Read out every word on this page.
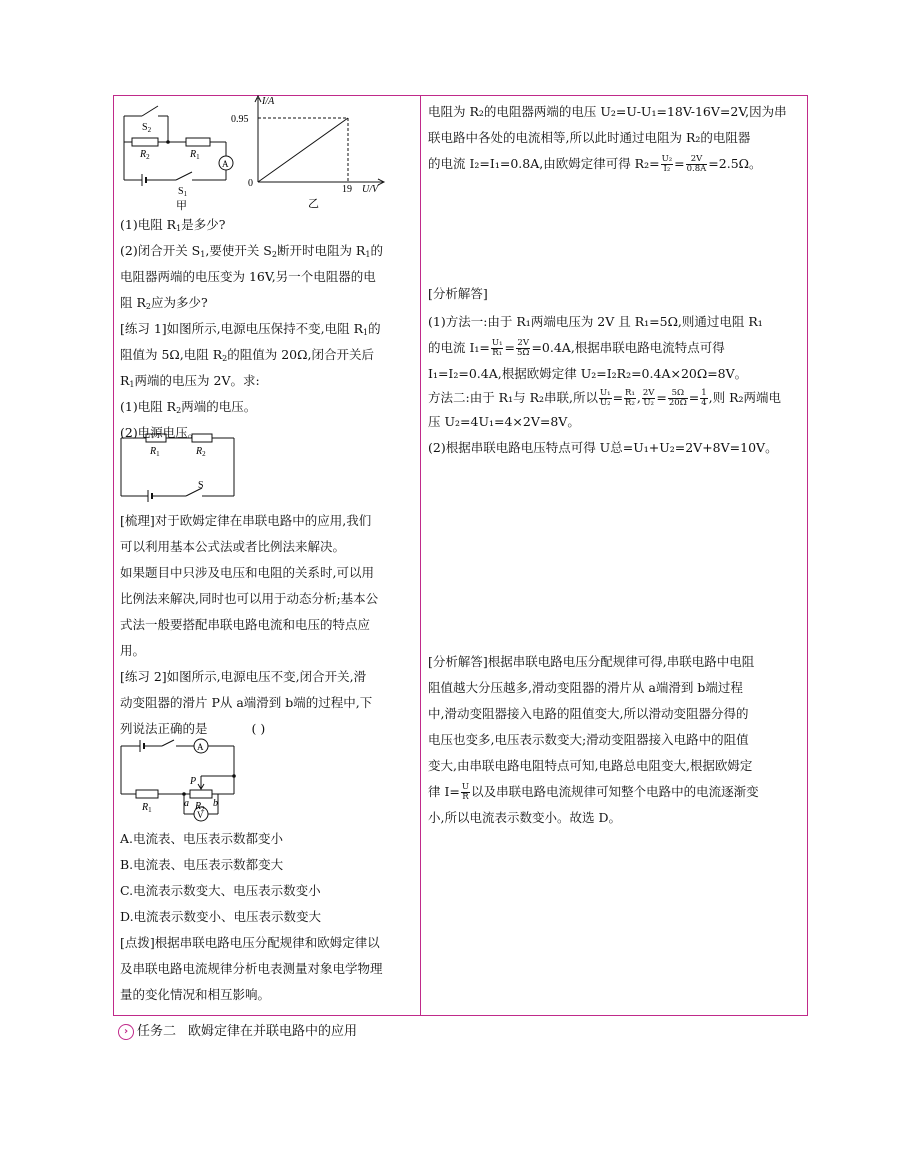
$S_2$
$R_2$	$R_1$
A
$S_1$
甲
I/A
0.95
0
19 U/V
乙

(1)电阻 $R_1$是多少?

(2)闭合开关 $S_1$,要使开关 $S_2$断开时电阻为 $R_1$的

电阻器两端的电压变为 16V,另一个电阻器的电

阻 $R_2$应为多少?

[练习 1]如图所示,电源电压保持不变,电阻 $R_1$的

阻值为 5Ω,电阻 $R_2$的阻值为 20Ω,闭合开关后

$R_1$两端的电压为 2V。求:

(1)电阻 $R_2$两端的电压。

(2)电源电压。

$R_1$	$R_2$
S

[梳理]对于欧姆定律在串联电路中的应用,我们

可以利用基本公式法或者比例法来解决。

如果题目中只涉及电压和电阻的关系时,可以用

比例法来解决,同时也可以用于动态分析;基本公

式法一般要搭配串联电路电流和电压的特点应

用。

[练习 2]如图所示,电源电压不变,闭合开关,滑

动变阻器的滑片 P从 a端滑到 b端的过程中,下

列说法正确的是	( )

A
P
$R_1$
a $R_2$ b
V

A.电流表、电压表示数都变小

B.电流表、电压表示数都变大

C.电流表示数变大、电压表示数变小

D.电流表示数变小、电压表示数变大

[点拨]根据串联电路电压分配规律和欧姆定律以

及串联电路电流规律分析电表测量对象电学物理

量的变化情况和相互影响。

电阻为 R₂的电阻器两端的电压 U₂=U-U₁=18V-16V=2V,因为串

联电路中各处的电流相等,所以此时通过电阻为 R₂的电阻器

的电流 I₂=I₁=0.8A,由欧姆定律可得 $R_2= \frac{\text{U₂}}{\text{I₂}} = \frac{2V}{0.8A} =2.5\Omega$。

[分析解答]

(1)方法一:由于 R₁两端电压为 2V 且 R₁=5Ω,则通过电阻 R₁

的电流 $I_1= \frac{\text{U₁}}{\text{R₁}} = \frac{2V}{5\Omega} =0.4A$,根据串联电路电流特点可得

I₁=I₂=0.4A,根据欧姆定律 U₂=I₂R₂=0.4A×20Ω=8V。

方法二:由于 R₁与 R₂串联,所以 $\frac{\text{U₁}}{\text{U₂}} = \frac{\text{R₁}}{\text{R₂}}$ , $\frac{2V}{\text{U₂}} = \frac{5\Omega}{20\Omega} = \frac{1}{4}$ ,则 R₂两端电

压 U₂=4U₁=4×2V=8V。

(2)根据串联电路电压特点可得 U总=U₁+U₂=2V+8V=10V。

[分析解答]根据串联电路电压分配规律可得,串联电路中电阻

阻值越大分压越多,滑动变阻器的滑片从 a端滑到 b端过程

中,滑动变阻器接入电路的阻值变大,所以滑动变阻器分得的

电压也变多,电压表示数变大;滑动变阻器接入电路中的阻值

变大,由串联电路电阻特点可知,电路总电阻变大,根据欧姆定

律 $I= \frac{U}{R}$ 以及串联电路电流规律可知整个电路中的电流逐渐变

小,所以电流表示数变小。故选 D。

› 任务二 欧姆定律在并联电路中的应用
